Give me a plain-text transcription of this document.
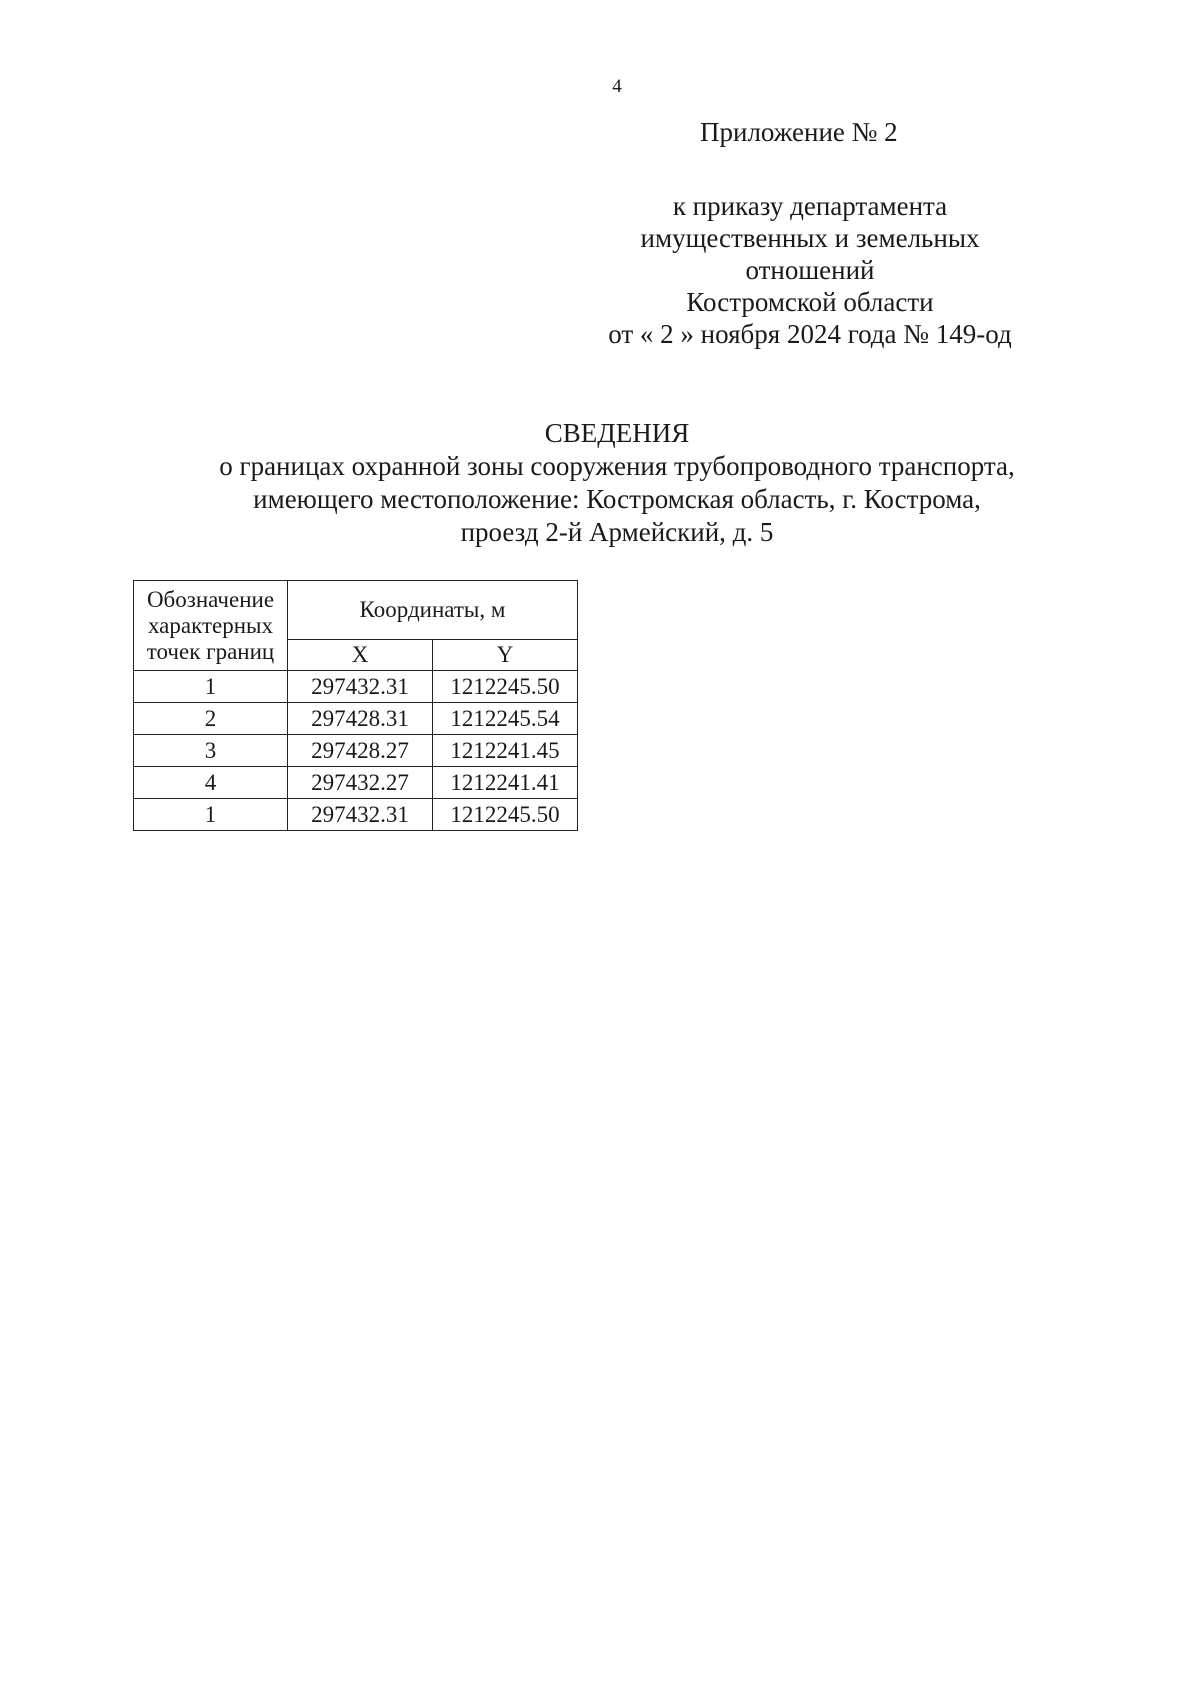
4
Приложение № 2
к приказу департамента
имущественных и земельных
отношений
Костромской области
от « 2 » ноября 2024 года № 149-од
СВЕДЕНИЯ
о границах охранной зоны сооружения трубопроводного транспорта,
имеющего местоположение: Костромская область, г. Кострома,
проезд 2-й Армейский, д. 5
Обозначение характерных точек границ	Координаты, м	
	X	Y
1	297432.31	1212245.50
2	297428.31	1212245.54
3	297428.27	1212241.45
4	297432.27	1212241.41
1	297432.31	1212245.50
